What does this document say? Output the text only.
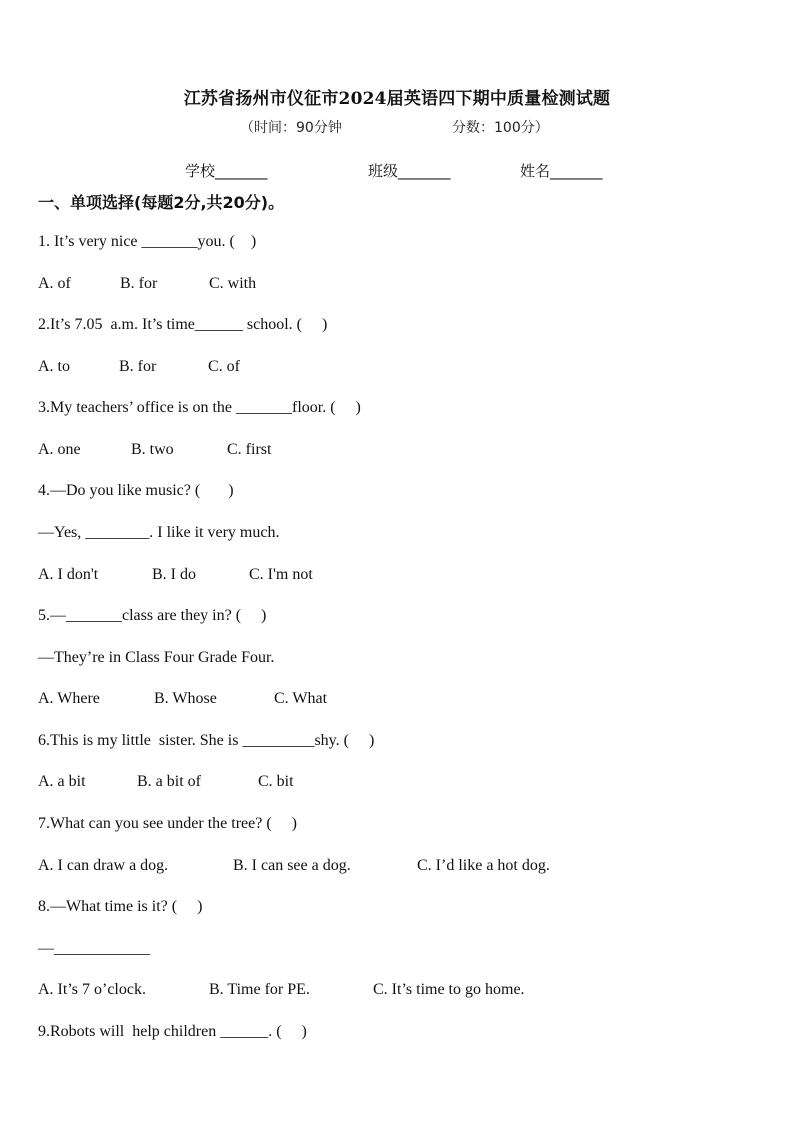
江苏省扬州市仪征市2024届英语四下期中质量检测试题
（时间：90分钟	分数：100分）
学校_______	班级_______	姓名_______
一、单项选择(每题2分,共20分)。
1. It’s very nice _______you. (    )
A. of	B. for	C. with
2.It’s 7.05  a.m. It’s time______ school. (     )
A. to	B. for	C. of
3.My teachers’ office is on the _______floor. (     )
A. one	B. two	C. first
4.—Do you like music? (       )
—Yes, ________. I like it very much.
A. I don't	B. I do	C. I'm not
5.—_______class are they in? (     )
—They’re in Class Four Grade Four.
A. Where	B. Whose	C. What
6.This is my little  sister. She is _________shy. (     )
A. a bit	B. a bit of	C. bit
7.What can you see under the tree? (     )
A. I can draw a dog.	B. I can see a dog.	C. I’d like a hot dog.
8.—What time is it? (     )
—____________
A. It’s 7 o’clock.	B. Time for PE.	C. It’s time to go home.
9.Robots will  help children ______. (     )
